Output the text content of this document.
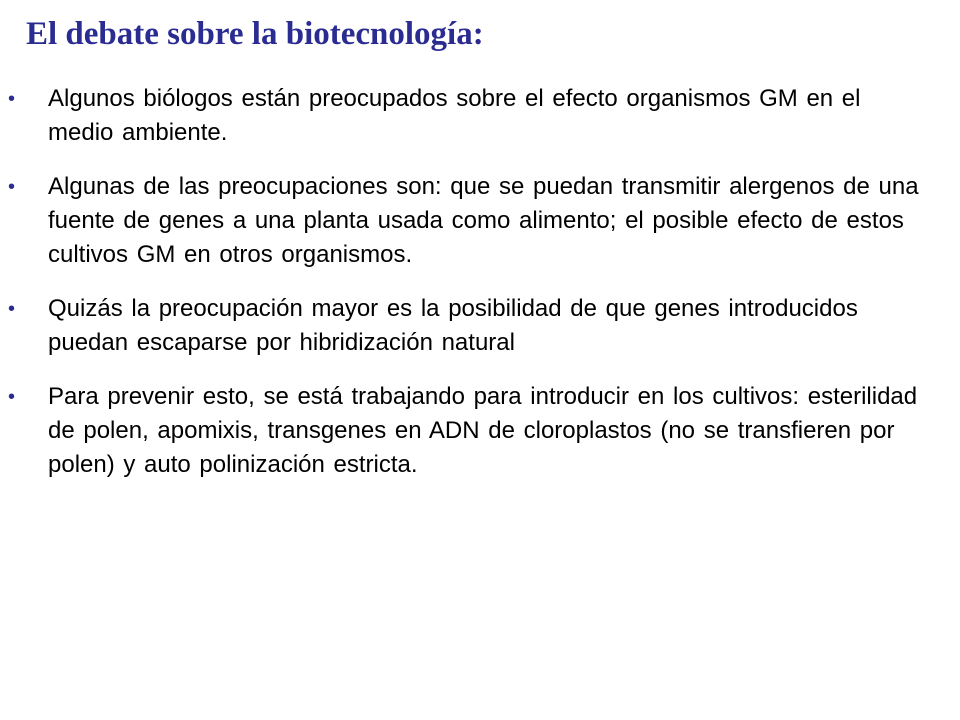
El debate sobre la biotecnología:
• Algunos biólogos están preocupados sobre el efecto organismos GM en el medio ambiente.
• Algunas de las preocupaciones son: que se puedan transmitir alergenos de una fuente de genes a una planta usada como alimento; el posible efecto de estos cultivos GM en otros organismos.
• Quizás la preocupación mayor es la posibilidad de que genes introducidos puedan escaparse por hibridización natural
• Para prevenir esto, se está trabajando para introducir en los cultivos: esterilidad de polen, apomixis, transgenes en ADN de cloroplastos (no se transfieren por polen) y auto polinización estricta.
